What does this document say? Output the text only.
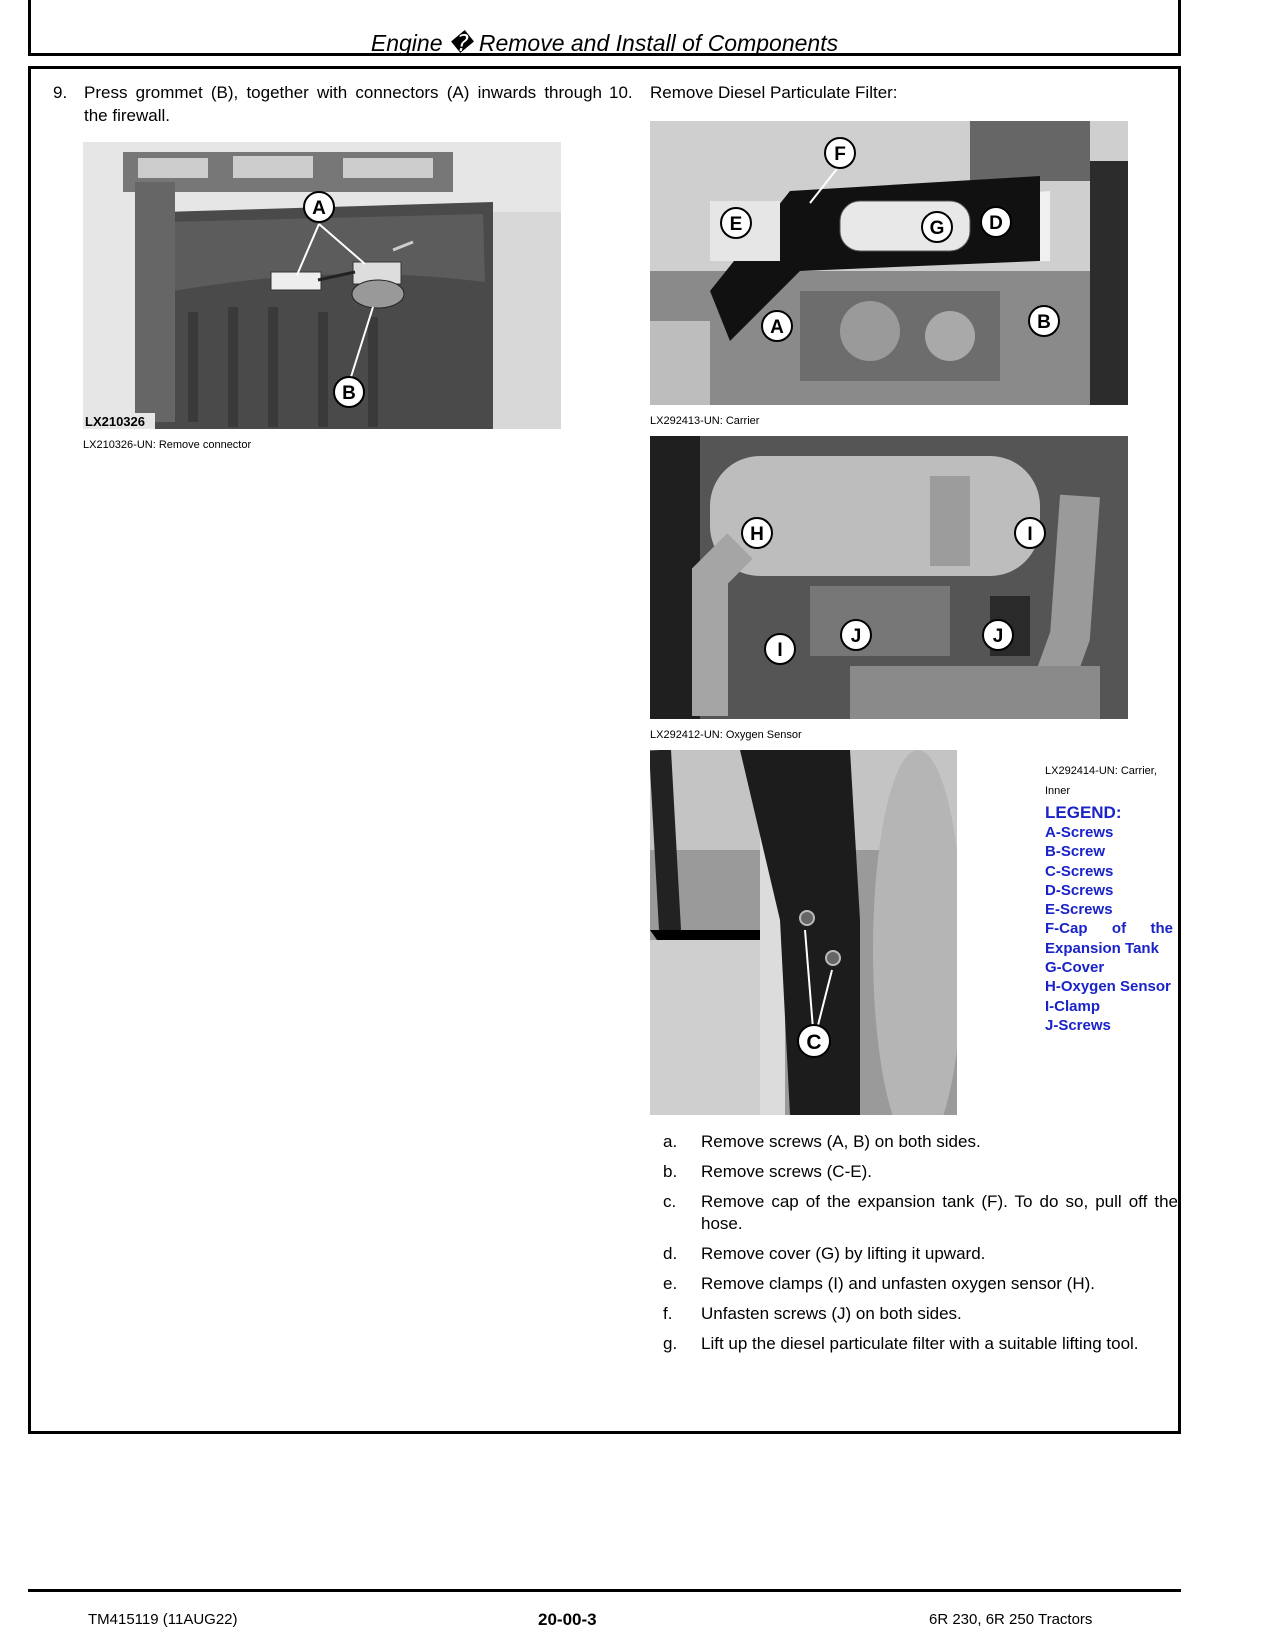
Engine � Remove and Install of Components
9. Press grommet (B), together with connectors (A) inwards through the firewall.
A
B
LX210326
LX210326-UN: Remove connector
10. Remove Diesel Particulate Filter:
F
E	G D
A	B
LX292413-UN: Carrier
H	I
J
I
J
LX292412-UN: Oxygen Sensor
C
LX292414-UN: Carrier,
Inner
LEGEND:
A-Screws
B-Screw
C-Screws
D-Screws
E-Screws
F-Cap of the Expansion Tank
G-Cover
H-Oxygen Sensor
I-Clamp
J-Screws
a. Remove screws (A, B) on both sides.
b. Remove screws (C-E).
c. Remove cap of the expansion tank (F). To do so, pull off the hose.
d. Remove cover (G) by lifting it upward.
e. Remove clamps (I) and unfasten oxygen sensor (H).
f. Unfasten screws (J) on both sides.
g. Lift up the diesel particulate filter with a suitable lifting tool.
TM415119 (11AUG22)	20-00-3	6R 230, 6R 250 Tractors
